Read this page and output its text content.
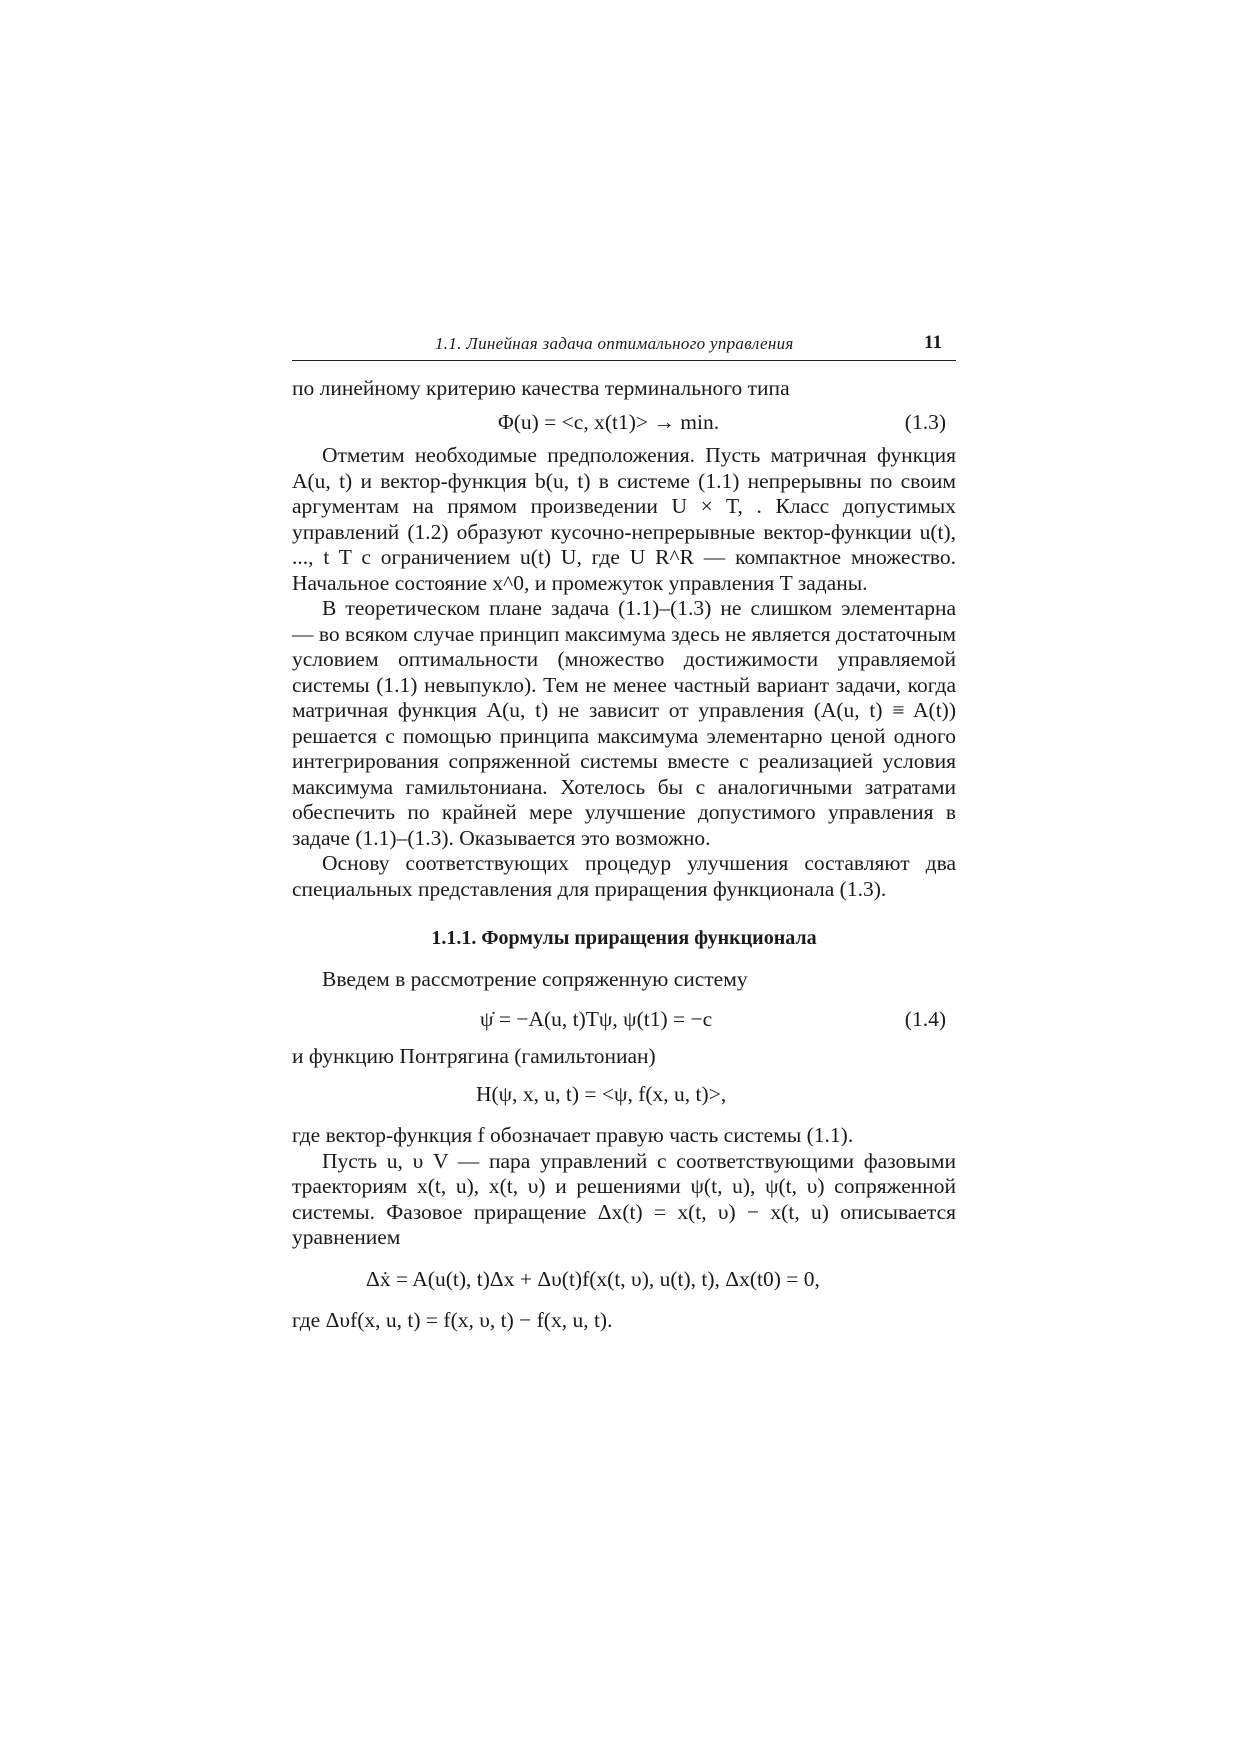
1.1. Линейная задача оптимального управления	11

по линейному критерию качества терминального типа

Φ(u) = <c, x(t1)> → min.	(1.3)

Отметим необходимые предположения. Пусть матричная функция A(u, t) и вектор-функция b(u, t) в системе (1.1) непрерывны по своим аргументам на прямом произведении U × T, . Класс допустимых управлений (1.2) образуют кусочно-непрерывные вектор-функции u(t), ..., t T с ограничением u(t) U, где U R^R — компактное множество. Начальное состояние x^0, и промежуток управления T заданы.

В теоретическом плане задача (1.1)–(1.3) не слишком элементарна — во всяком случае принцип максимума здесь не является достаточным условием оптимальности (множество достижимости управляемой системы (1.1) невыпукло). Тем не менее частный вариант задачи, когда матричная функция A(u, t) не зависит от управления (A(u, t) ≡ A(t)) решается с помощью принципа максимума элементарно ценой одного интегрирования сопряженной системы вместе с реализацией условия максимума гамильтониана. Хотелось бы с аналогичными затратами обеспечить по крайней мере улучшение допустимого управления в задаче (1.1)–(1.3). Оказывается это возможно.

Основу соответствующих процедур улучшения составляют два специальных представления для приращения функционала (1.3).

1.1.1. Формулы приращения функционала

Введем в рассмотрение сопряженную систему

ψ̇ = −A(u, t)Tψ, ψ(t1) = −c	(1.4)

и функцию Понтрягина (гамильтониан)

H(ψ, x, u, t) = <ψ, f(x, u, t)>,

где вектор-функция f обозначает правую часть системы (1.1).

Пусть u, υ V — пара управлений с соответствующими фазовыми траекториям x(t, u), x(t, υ) и решениями ψ(t, u), ψ(t, υ) сопряженной системы. Фазовое приращение Δx(t) = x(t, υ) − x(t, u) описывается уравнением

Δẋ = A(u(t), t)Δx + Δυ(t)f(x(t, υ), u(t), t), Δx(t0) = 0,

где Δυf(x, u, t) = f(x, υ, t) − f(x, u, t).
